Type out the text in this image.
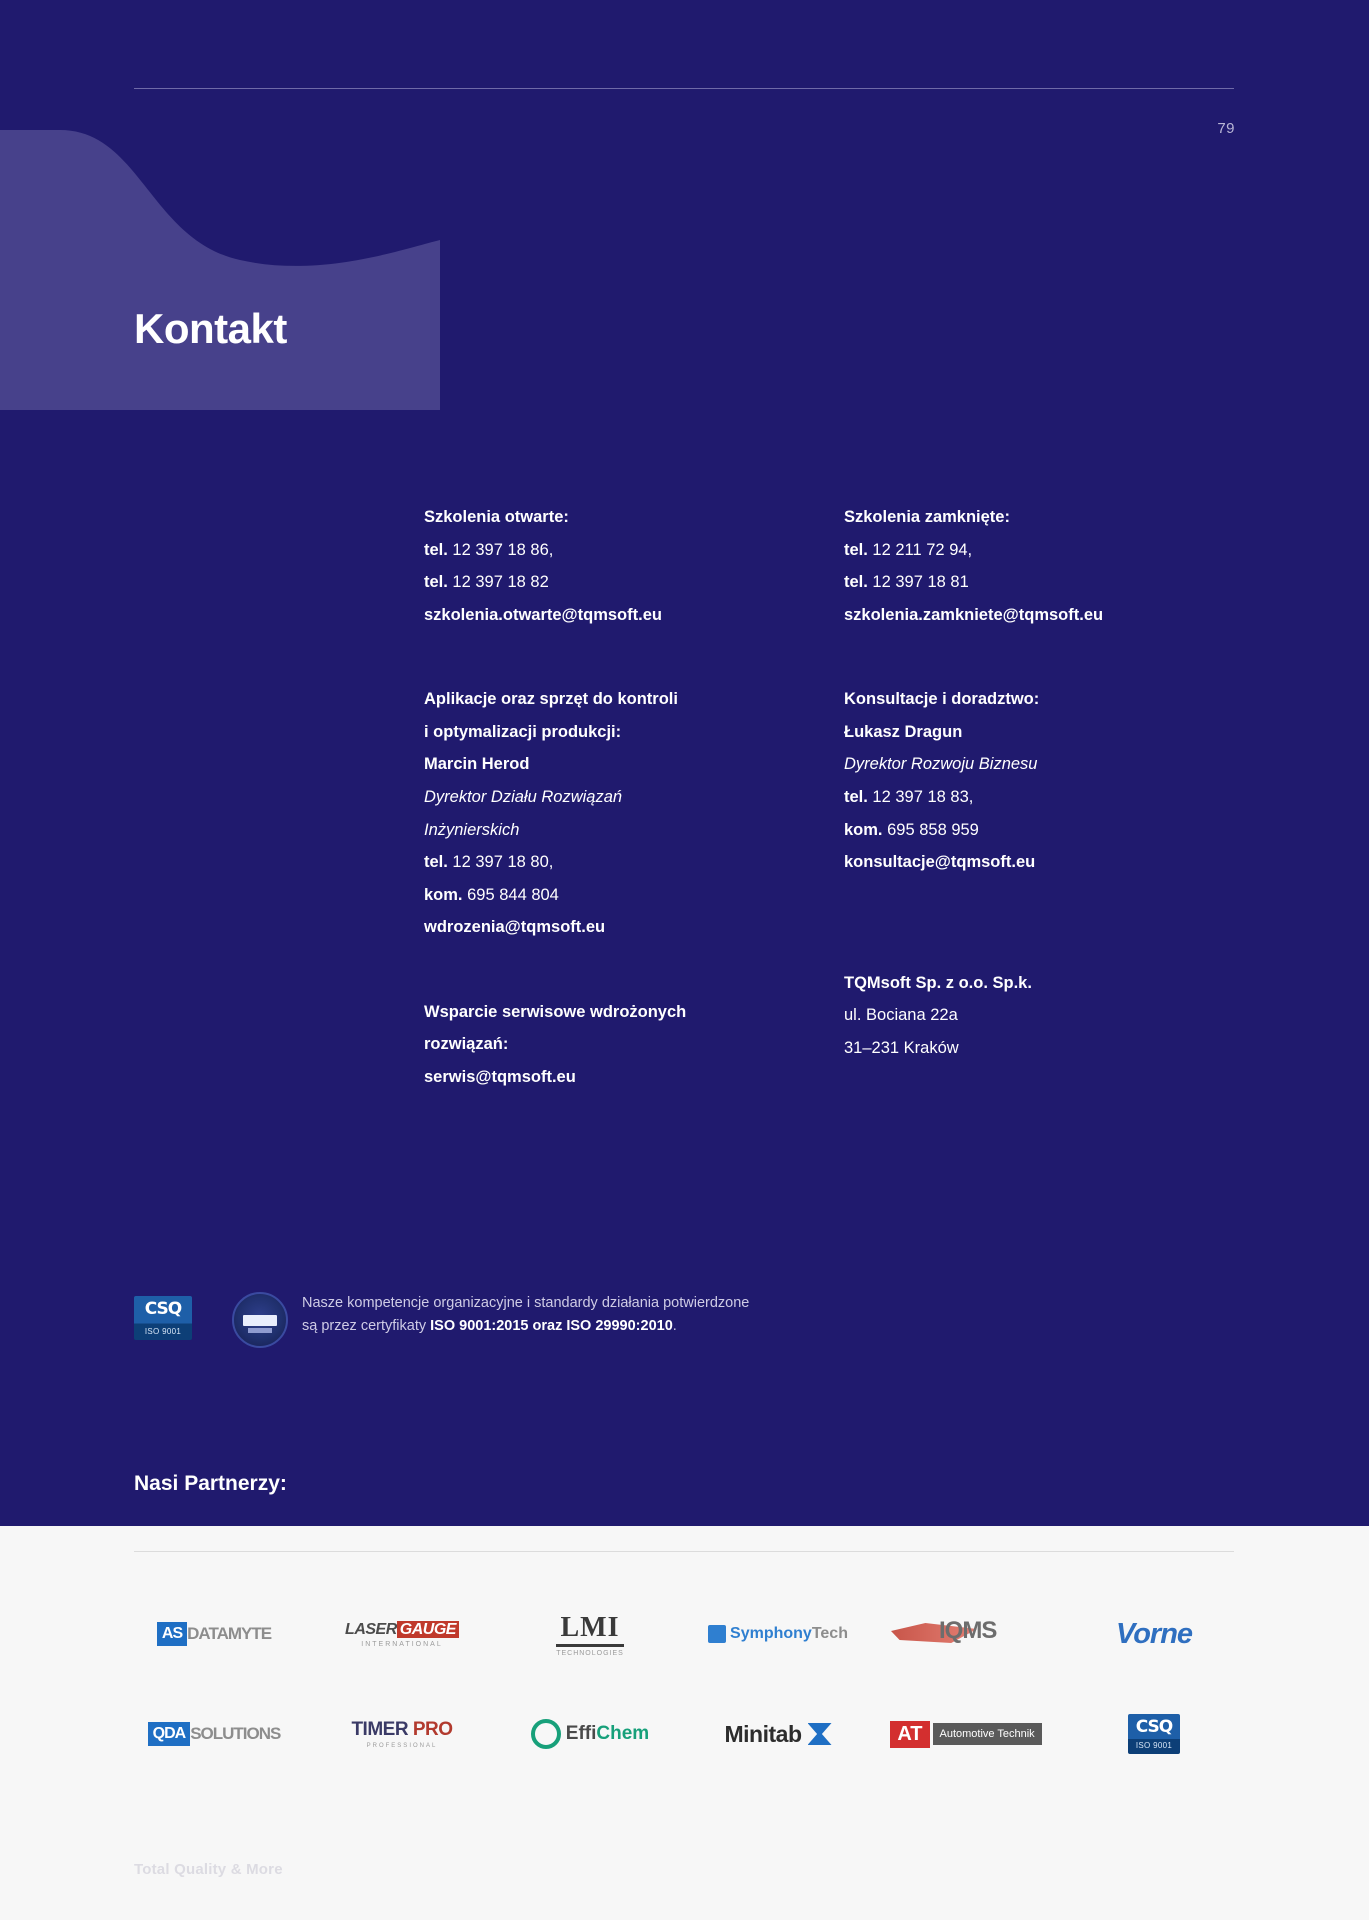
79
Kontakt

Szkolenia otwarte:

tel. 12 397 18 86,

tel. 12 397 18 82

szkolenia.otwarte@tqmsoft.eu

Aplikacje oraz sprzęt do kontroli

i optymalizacji produkcji:

Marcin Herod

Dyrektor Działu Rozwiązań

Inżynierskich

tel. 12 397 18 80,

kom. 695 844 804

wdrozenia@tqmsoft.eu

Wsparcie serwisowe wdrożonych

rozwiązań:

serwis@tqmsoft.eu

Szkolenia zamknięte:

tel. 12 211 72 94,

tel. 12 397 18 81

szkolenia.zamkniete@tqmsoft.eu

Konsultacje i doradztwo:

Łukasz Dragun

Dyrektor Rozwoju Biznesu

tel. 12 397 18 83,

kom. 695 858 959

konsultacje@tqmsoft.eu

TQMsoft Sp. z o.o. Sp.k.

ul. Bociana 22a

31–231 Kraków

CSQ
ISO 9001
Nasze kompetencje organizacyjne i standardy działania potwierdzone
są przez certyfikaty ISO 9001:2015 oraz ISO 29990:2010.
Nasi Partnerzy:
AS DATAMYTE	LASER GAUGE
INTERNATIONAL
LMI
TECHNOLOGIES
Symphony Tech	IQMS	Vorne
QDA SOLUTIONS	TIMER PRO
PROFESSIONAL
Effi Chem	Minitab	AT	Automotive Technik	CSQ
ISO 9001
Total Quality & More
